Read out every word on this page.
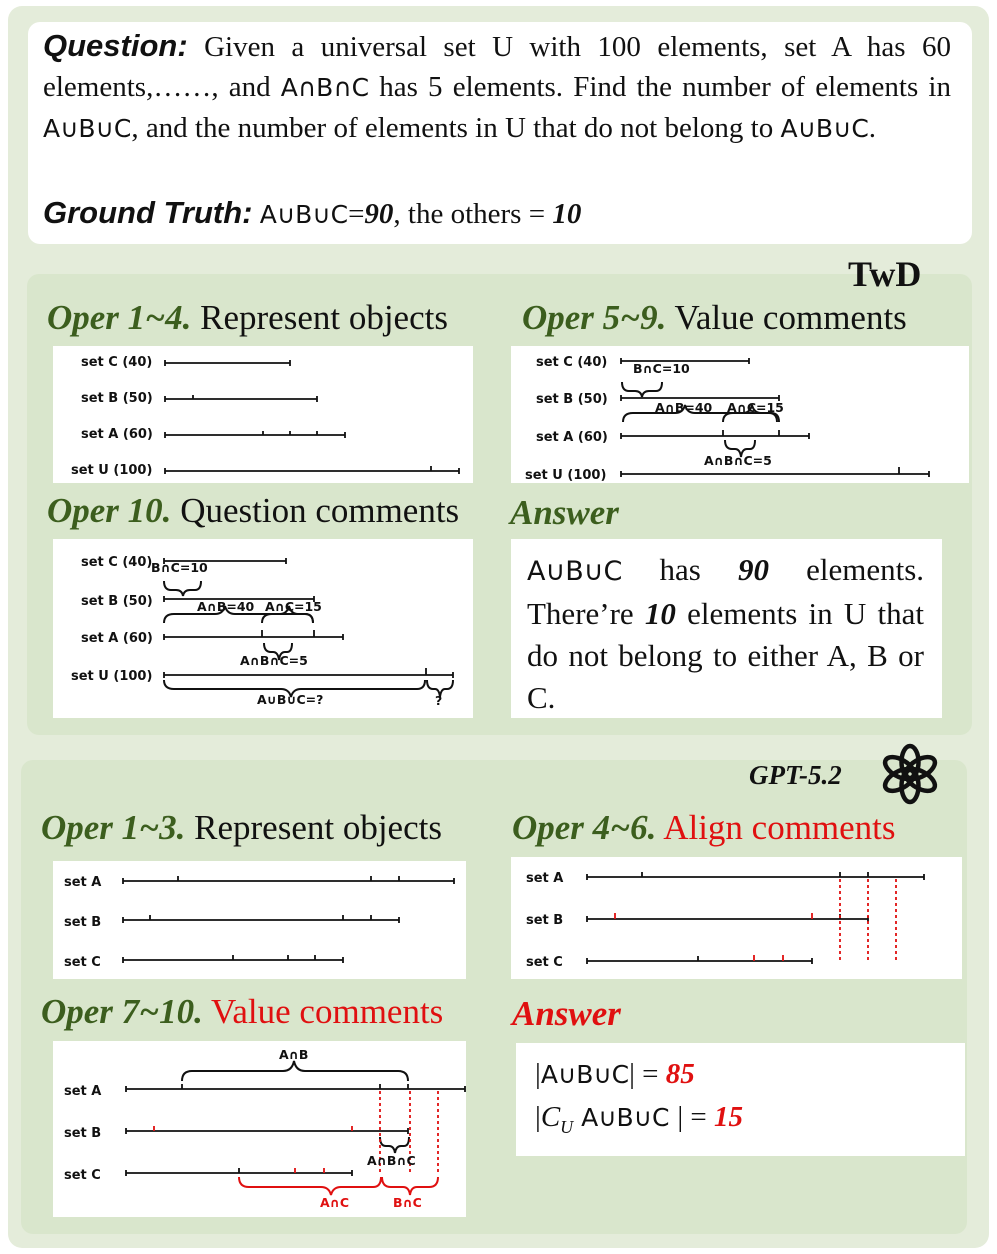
Question: Given a universal set U with 100 elements, set A has 60 elements,……, and A∩B∩C has 5 elements. Find the number of elements in A∪B∪C, and the number of elements in U that do not belong to A∪B∪C.
Ground Truth: A∪B∪C=90, the others = 10
TwD
Oper 1~4. Represent objects Oper 5~9. Value comments
Oper 10. Question comments Answer
set C (40)
set B (50)
set A (60)
set U (100)
set C (40)
set B (50)
set A (60)
set U (100)
B∩C=10
A∩B=40 A∩C=15
A∩B∩C=5
set C (40)
set B (50)
set A (60)
set U (100)
B∩C=10
A∩B=40 A∩C=15
A∩B∩C=5
A∪B∪C=?	?
A∪B∪C has 90 elements. There’re 10 elements in U that do not belong to either A, B or C.
GPT-5.2
Oper 1~3. Represent objects Oper 4~6. Align comments
Oper 7~10. Value comments Answer
set A
set B
set C
set A
set B
set C
set A
set B
set C
A∩B
A∩B∩C
A∩C	B∩C
|A∪B∪C| = 85
$|C_U$ A∪B∪C | = 15
